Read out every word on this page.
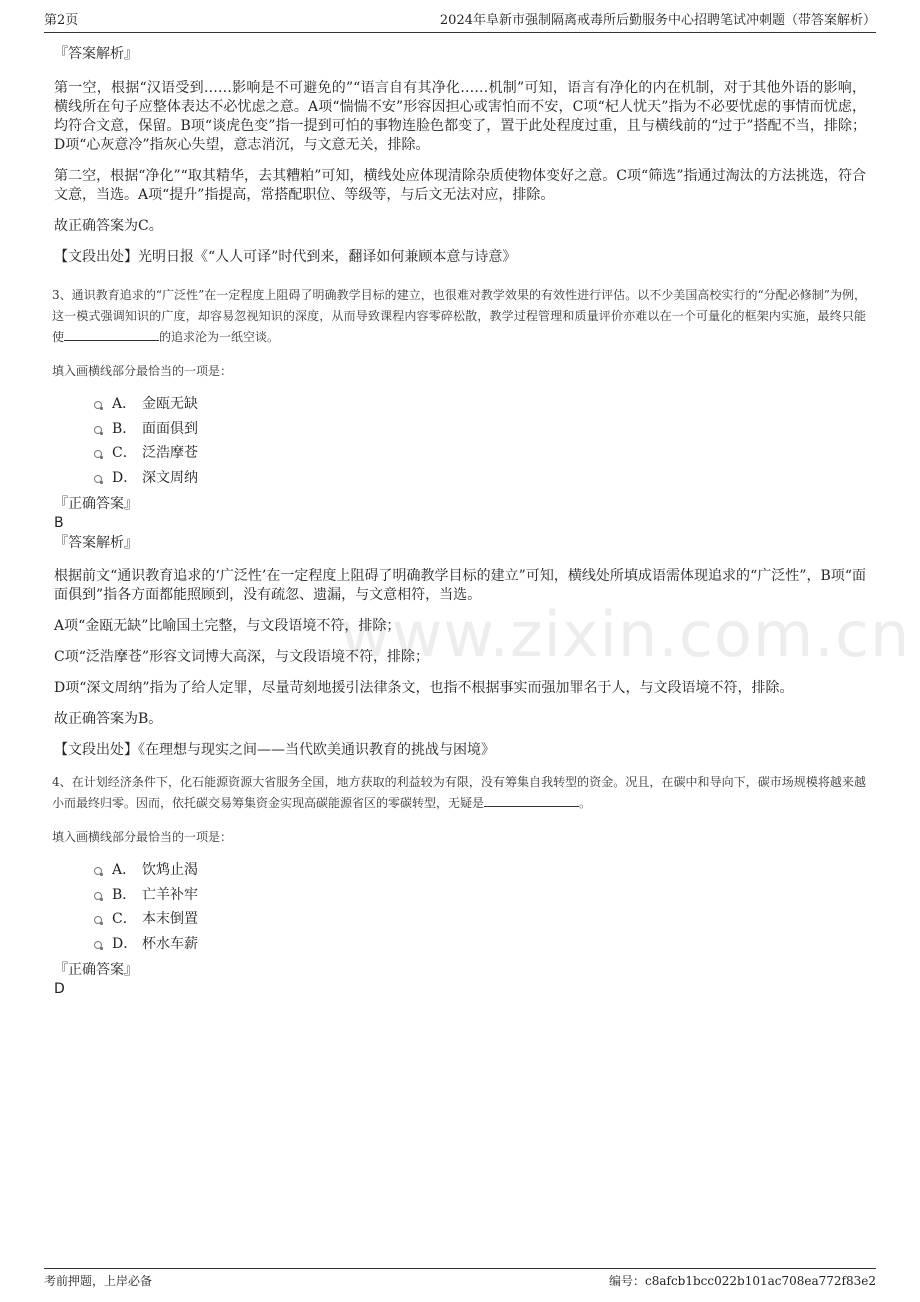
第2页	2024年阜新市强制隔离戒毒所后勤服务中心招聘笔试冲刺题（带答案解析）
www.zixin.com.cn

『答案解析』

第一空，根据“汉语受到……影响是不可避免的”“语言自有其净化……机制”可知，语言有净化的内在机制，对于其他外语的影响，横线所在句子应整体表达不必忧虑之意。A项“惴惴不安”形容因担心或害怕而不安，C项“杞人忧天”指为不必要忧虑的事情而忧虑，均符合文意，保留。B项“谈虎色变”指一提到可怕的事物连脸色都变了，置于此处程度过重，且与横线前的“过于”搭配不当，排除；D项“心灰意冷”指灰心失望，意志消沉，与文意无关，排除。

第二空，根据“净化”“取其精华，去其糟粕”可知，横线处应体现清除杂质使物体变好之意。C项“筛选”指通过淘汰的方法挑选，符合文意，当选。A项“提升”指提高，常搭配职位、等级等，与后文无法对应，排除。

故正确答案为C。

【文段出处】光明日报《“人人可译”时代到来，翻译如何兼顾本意与诗意》

3、通识教育追求的“广泛性”在一定程度上阻碍了明确教学目标的建立，也很难对教学效果的有效性进行评估。以不少美国高校实行的“分配必修制”为例，这一模式强调知识的广度，却容易忽视知识的深度，从而导致课程内容零碎松散，教学过程管理和质量评价亦难以在一个可量化的框架内实施，最终只能使	的追求沦为一纸空谈。

填入画横线部分最恰当的一项是：

A． 金瓯无缺
B． 面面俱到
C． 泛浩摩苍
D． 深文周纳

『正确答案』

B

『答案解析』

根据前文“通识教育追求的‘广泛性’在一定程度上阻碍了明确教学目标的建立”可知，横线处所填成语需体现追求的“广泛性”，B项“面面俱到”指各方面都能照顾到，没有疏忽、遗漏，与文意相符，当选。

A项“金瓯无缺”比喻国土完整，与文段语境不符，排除；

C项“泛浩摩苍”形容文词博大高深，与文段语境不符，排除；

D项“深文周纳”指为了给人定罪，尽量苛刻地援引法律条文，也指不根据事实而强加罪名于人，与文段语境不符，排除。

故正确答案为B。

【文段出处】《在理想与现实之间——当代欧美通识教育的挑战与困境》

4、在计划经济条件下，化石能源资源大省服务全国，地方获取的利益较为有限，没有筹集自我转型的资金。况且，在碳中和导向下，碳市场规模将越来越小而最终归零。因而，依托碳交易筹集资金实现高碳能源省区的零碳转型，无疑是	。

填入画横线部分最恰当的一项是：

A． 饮鸩止渴
B． 亡羊补牢
C． 本末倒置
D． 杯水车薪

『正确答案』

D

考前押题，上岸必备	编号：c8afcb1bcc022b101ac708ea772f83e2
